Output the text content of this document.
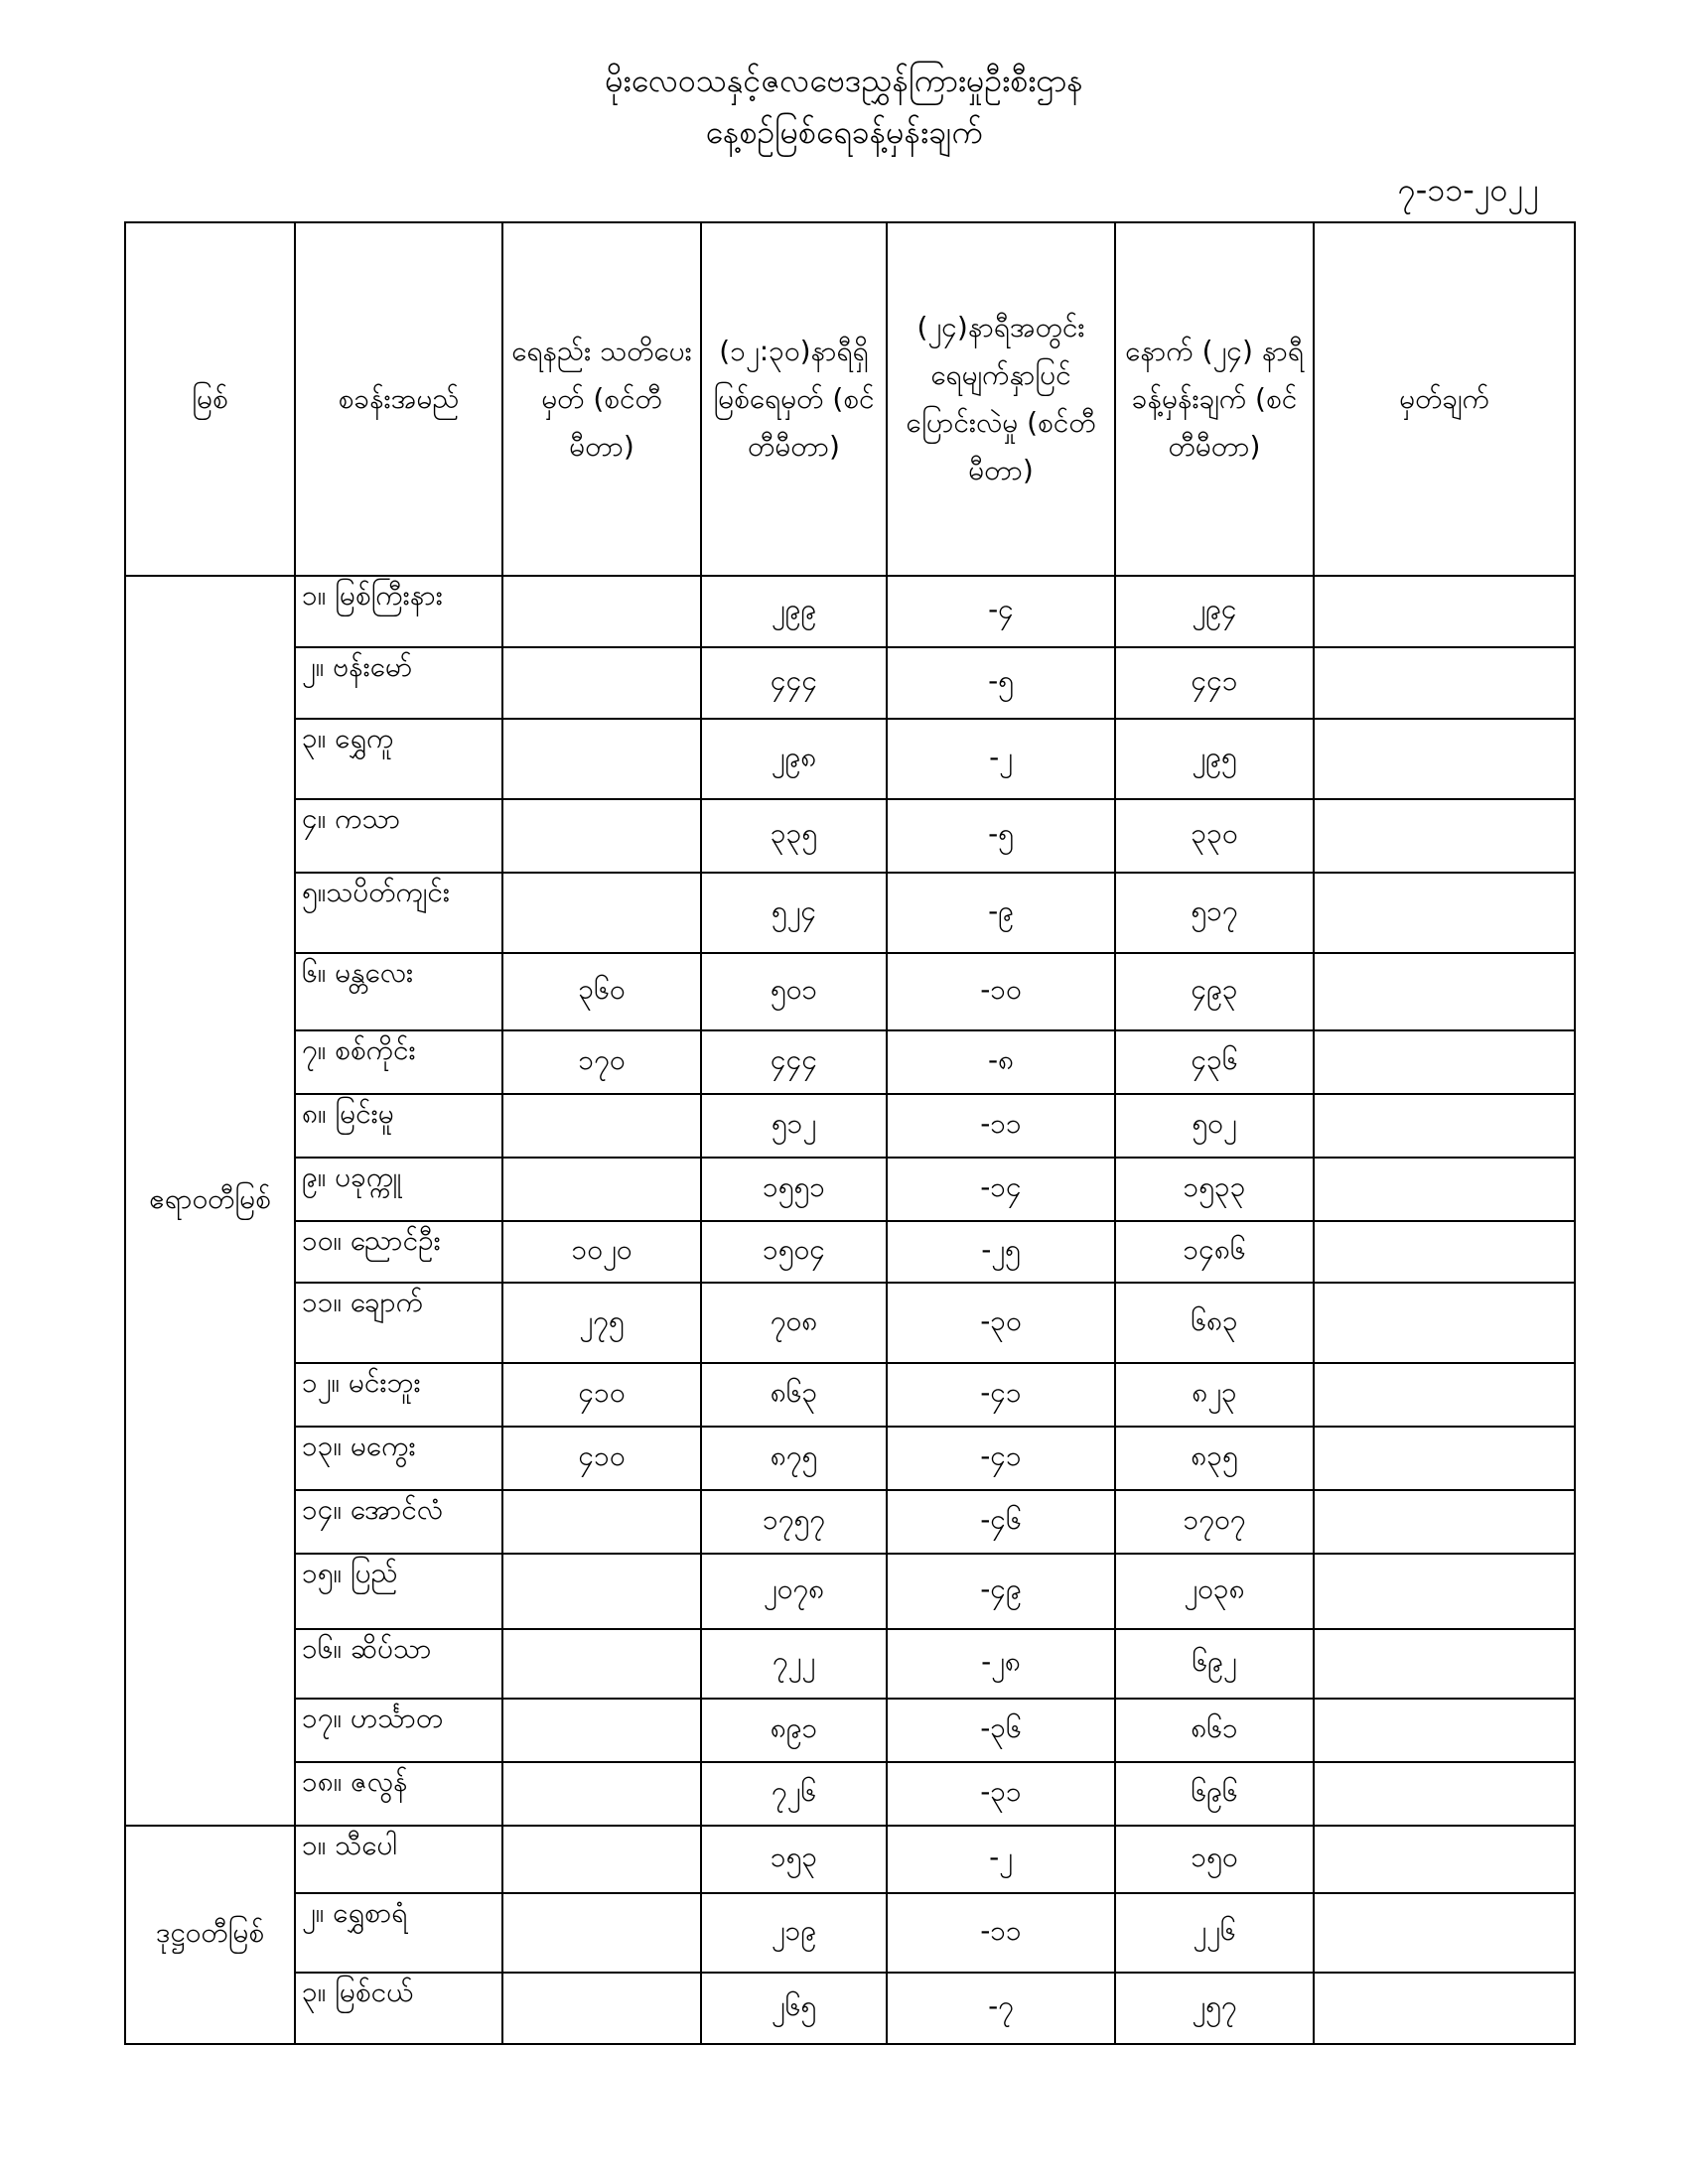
မိုးလေဝသနှင့်ဇလဗေဒညွှန်ကြားမှုဦးစီးဌာန
နေ့စဉ်မြစ်ရေခန့်မှန်းချက်
၇-၁၁-၂၀၂၂
မြစ်	စခန်းအမည်	ရေနည်း သတိပေးမှတ် (စင်တီမီတာ)	(၁၂:၃၀)နာရီရှိ မြစ်ရေမှတ် (စင်တီမီတာ)	(၂၄)နာရီအတွင်း ရေမျက်နှာပြင် ပြောင်းလဲမှု (စင်တီမီတာ)	နောက် (၂၄) နာရီ ခန့်မှန်းချက် (စင်တီမီတာ)	မှတ်ချက်
ဧရာဝတီမြစ်	၁။ မြစ်ကြီးနား		၂၉၉	-၄	၂၉၄	
	၂။ ဗန်းမော်		၄၄၄	-၅	၄၄၁	
	၃။ ရွှေကူ		၂၉၈	-၂	၂၉၅	
	၄။ ကသာ		၃၃၅	-၅	၃၃၀	
	၅။သပိတ်ကျင်း		၅၂၄	-၉	၅၁၇	
	၆။ မန္တလေး	၃၆၀	၅၀၁	-၁၀	၄၉၃	
	၇။ စစ်ကိုင်း	၁၇၀	၄၄၄	-၈	၄၃၆	
	၈။ မြင်းမူ		၅၁၂	-၁၁	၅၀၂	
	၉။ ပခုက္ကူ		၁၅၅၁	-၁၄	၁၅၃၃	
	၁၀။ ညောင်ဦး	၁၀၂၀	၁၅၀၄	-၂၅	၁၄၈၆	
	၁၁။ ချောက်	၂၇၅	၇၀၈	-၃၀	၆၈၃	
	၁၂။ မင်းဘူး	၄၁၀	၈၆၃	-၄၁	၈၂၃	
	၁၃။ မကွေး	၄၁၀	၈၇၅	-၄၁	၈၃၅	
	၁၄။ အောင်လံ		၁၇၅၇	-၄၆	၁၇၀၇	
	၁၅။ ပြည်		၂၀၇၈	-၄၉	၂၀၃၈	
	၁၆။ ဆိပ်သာ		၇၂၂	-၂၈	၆၉၂	
	၁၇။ ဟင်္သာတ		၈၉၁	-၃၆	၈၆၁	
	၁၈။ ဇလွန်		၇၂၆	-၃၁	၆၉၆	
ဒုဋ္ဌဝတီမြစ်	၁။ သီပေါ		၁၅၃	-၂	၁၅၀	
	၂။ ရွှေစာရံ		၂၁၉	-၁၁	၂၂၆	
	၃။ မြစ်ငယ်		၂၆၅	-၇	၂၅၇	
